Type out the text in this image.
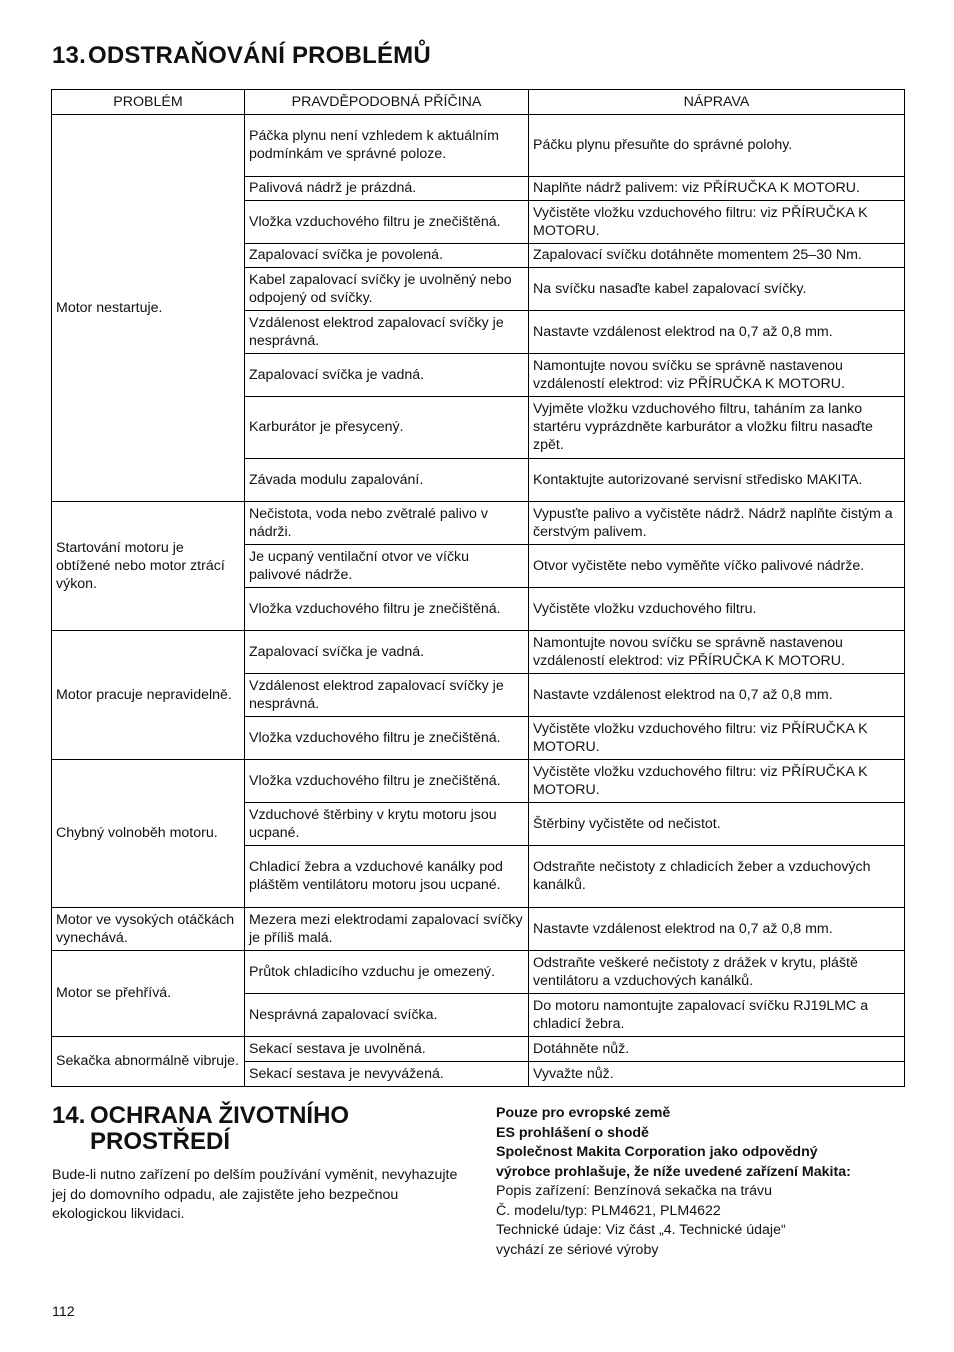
13.ODSTRAŇOVÁNÍ PROBLÉMŮ
PROBLÉM	PRAVDĚPODOBNÁ PŘÍČINA	NÁPRAVA
Motor nestartuje.	Páčka plynu není vzhledem k aktuálním podmínkám ve správné poloze.	Páčku plynu přesuňte do správné polohy.
	Palivová nádrž je prázdná.	Naplňte nádrž palivem: viz PŘÍRUČKA K MOTORU.
	Vložka vzduchového filtru je znečištěná.	Vyčistěte vložku vzduchového filtru: viz PŘÍRUČKA K MOTORU.
	Zapalovací svíčka je povolená.	Zapalovací svíčku dotáhněte momentem 25–30 Nm.
	Kabel zapalovací svíčky je uvolněný nebo odpojený od svíčky.	Na svíčku nasaďte kabel zapalovací svíčky.
	Vzdálenost elektrod zapalovací svíčky je nesprávná.	Nastavte vzdálenost elektrod na 0,7 až 0,8 mm.
	Zapalovací svíčka je vadná.	Namontujte novou svíčku se správně nastavenou vzdáleností elektrod: viz PŘÍRUČKA K MOTORU.
	Karburátor je přesycený.	Vyjměte vložku vzduchového filtru, taháním za lanko startéru vyprázdněte karburátor a vložku filtru nasaďte zpět.
	Závada modulu zapalování.	Kontaktujte autorizované servisní středisko MAKITA.
Startování motoru je obtížené nebo motor ztrácí výkon.	Nečistota, voda nebo zvětralé palivo v nádrži.	Vypusťte palivo a vyčistěte nádrž. Nádrž naplňte čistým a čerstvým palivem.
	Je ucpaný ventilační otvor ve víčku palivové nádrže.	Otvor vyčistěte nebo vyměňte víčko palivové nádrže.
	Vložka vzduchového filtru je znečištěná.	Vyčistěte vložku vzduchového filtru.
Motor pracuje nepravidelně.	Zapalovací svíčka je vadná.	Namontujte novou svíčku se správně nastavenou vzdáleností elektrod: viz PŘÍRUČKA K MOTORU.
	Vzdálenost elektrod zapalovací svíčky je nesprávná.	Nastavte vzdálenost elektrod na 0,7 až 0,8 mm.
	Vložka vzduchového filtru je znečištěná.	Vyčistěte vložku vzduchového filtru: viz PŘÍRUČKA K MOTORU.
Chybný volnoběh motoru.	Vložka vzduchového filtru je znečištěná.	Vyčistěte vložku vzduchového filtru: viz PŘÍRUČKA K MOTORU.
	Vzduchové štěrbiny v krytu motoru jsou ucpané.	Štěrbiny vyčistěte od nečistot.
	Chladicí žebra a vzduchové kanálky pod pláštěm ventilátoru motoru jsou ucpané.	Odstraňte nečistoty z chladicích žeber a vzduchových kanálků.
Motor ve vysokých otáčkách vynechává.	Mezera mezi elektrodami zapalovací svíčky je příliš malá.	Nastavte vzdálenost elektrod na 0,7 až 0,8 mm.
Motor se přehřívá.	Průtok chladicího vzduchu je omezený.	Odstraňte veškeré nečistoty z drážek v krytu, pláště ventilátoru a vzduchových kanálků.
	Nesprávná zapalovací svíčka.	Do motoru namontujte zapalovací svíčku RJ19LMC a chladicí žebra.
Sekačka abnormálně vibruje.	Sekací sestava je uvolněná.	Dotáhněte nůž.
	Sekací sestava je nevyvážená.	Vyvažte nůž.
14. OCHRANA ŽIVOTNÍHO
PROSTŘEDÍ

Bude-li nutno zařízení po delším používání vyměnit, nevyhazujte jej do domovního odpadu, ale zajistěte jeho bezpečnou ekologickou likvidaci.

Pouze pro evropské země
ES prohlášení o shodě
Společnost Makita Corporation jako odpovědný
výrobce prohlašuje, že níže uvedené zařízení Makita:
Popis zařízení: Benzínová sekačka na trávu
Č. modelu/typ: PLM4621, PLM4622
Technické údaje: Viz část „4. Technické údaje“
vychází ze sériové výroby
112
